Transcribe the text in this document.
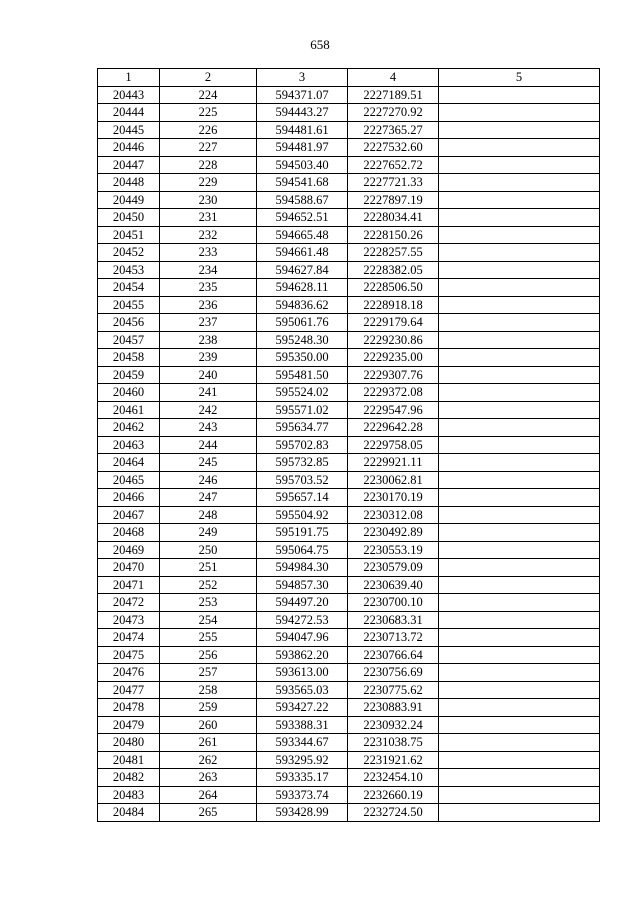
658
1	2	3	4	5
20443	224	594371.07	2227189.51	
20444	225	594443.27	2227270.92	
20445	226	594481.61	2227365.27	
20446	227	594481.97	2227532.60	
20447	228	594503.40	2227652.72	
20448	229	594541.68	2227721.33	
20449	230	594588.67	2227897.19	
20450	231	594652.51	2228034.41	
20451	232	594665.48	2228150.26	
20452	233	594661.48	2228257.55	
20453	234	594627.84	2228382.05	
20454	235	594628.11	2228506.50	
20455	236	594836.62	2228918.18	
20456	237	595061.76	2229179.64	
20457	238	595248.30	2229230.86	
20458	239	595350.00	2229235.00	
20459	240	595481.50	2229307.76	
20460	241	595524.02	2229372.08	
20461	242	595571.02	2229547.96	
20462	243	595634.77	2229642.28	
20463	244	595702.83	2229758.05	
20464	245	595732.85	2229921.11	
20465	246	595703.52	2230062.81	
20466	247	595657.14	2230170.19	
20467	248	595504.92	2230312.08	
20468	249	595191.75	2230492.89	
20469	250	595064.75	2230553.19	
20470	251	594984.30	2230579.09	
20471	252	594857.30	2230639.40	
20472	253	594497.20	2230700.10	
20473	254	594272.53	2230683.31	
20474	255	594047.96	2230713.72	
20475	256	593862.20	2230766.64	
20476	257	593613.00	2230756.69	
20477	258	593565.03	2230775.62	
20478	259	593427.22	2230883.91	
20479	260	593388.31	2230932.24	
20480	261	593344.67	2231038.75	
20481	262	593295.92	2231921.62	
20482	263	593335.17	2232454.10	
20483	264	593373.74	2232660.19	
20484	265	593428.99	2232724.50	
